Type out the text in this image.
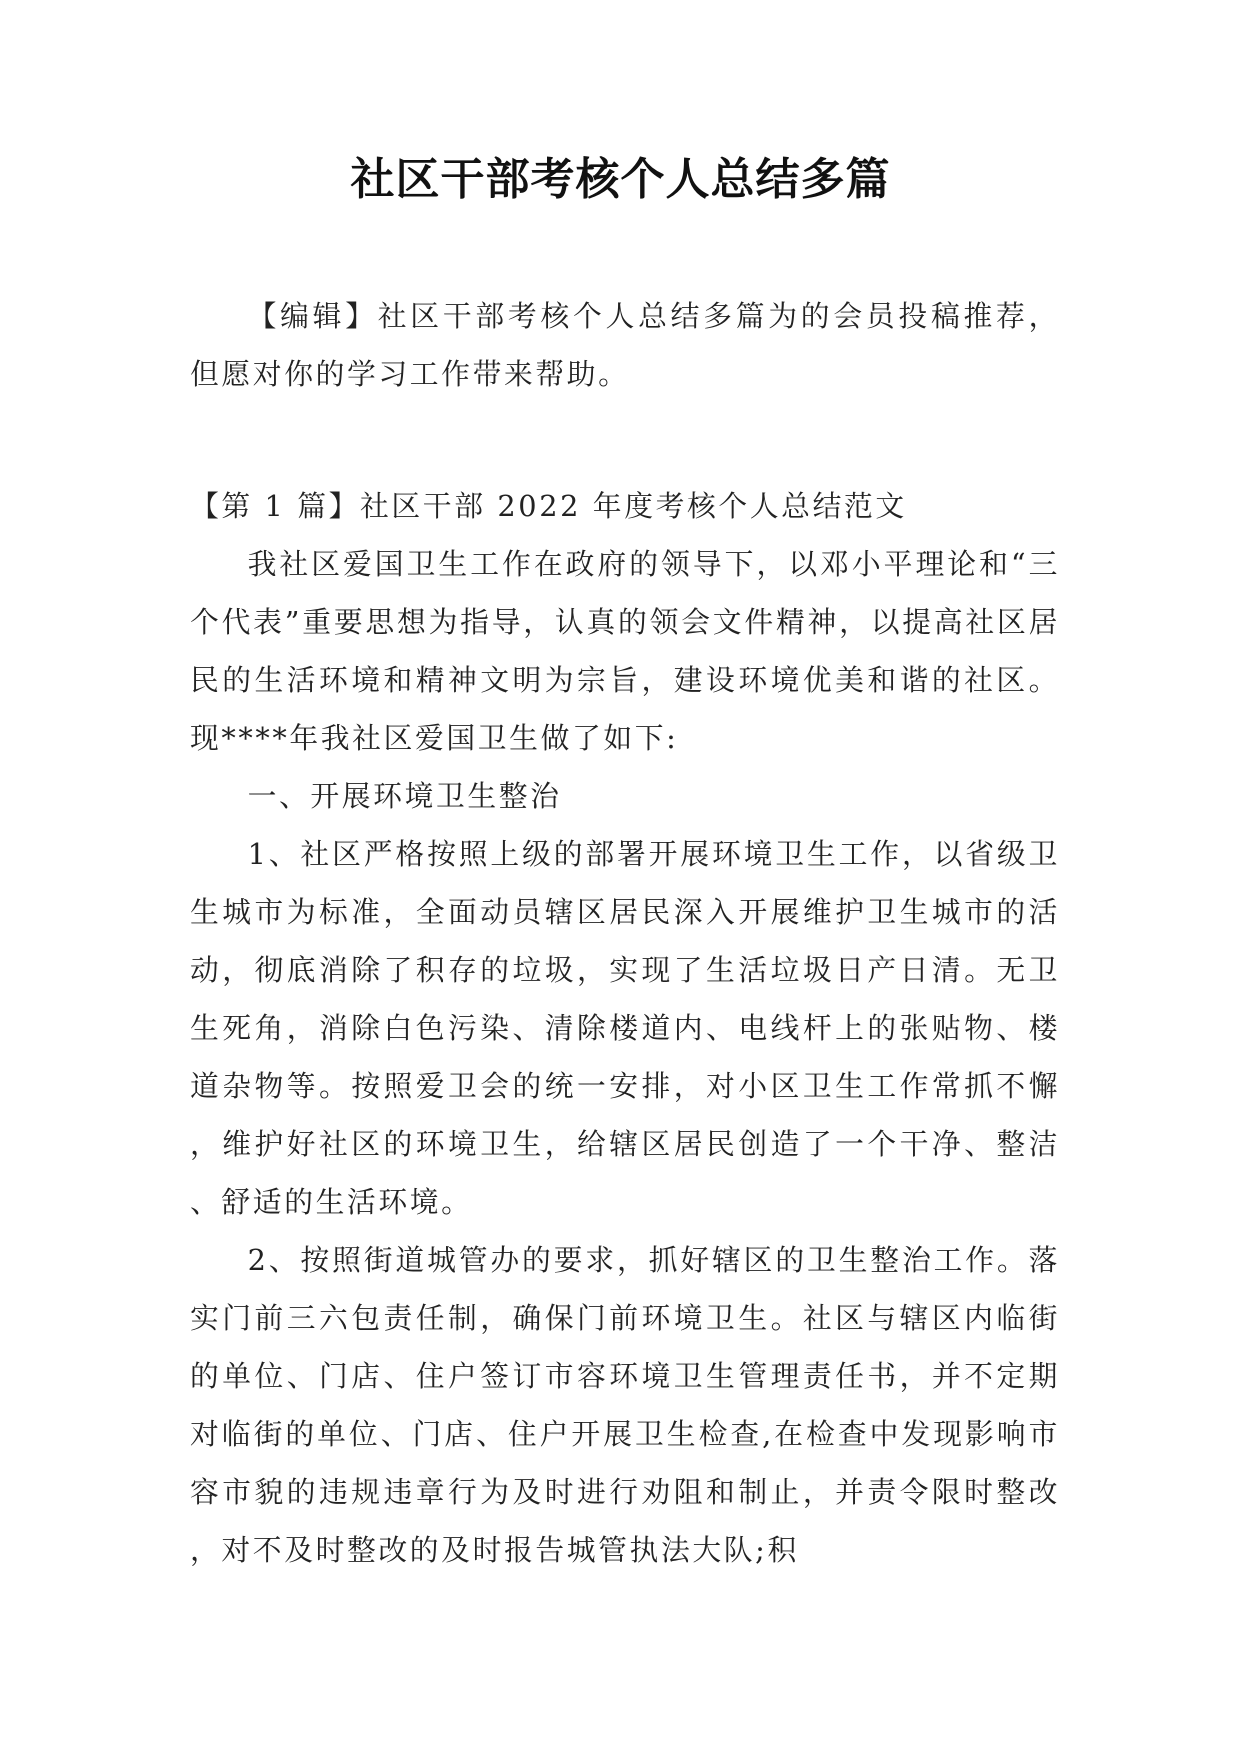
社区干部考核个人总结多篇

【编辑】社区干部考核个人总结多篇为的会员投稿推荐，但愿对你的学习工作带来帮助。

【第 1 篇】社区干部 2022 年度考核个人总结范文

我社区爱国卫生工作在政府的领导下，以邓小平理论和“三个代表”重要思想为指导，认真的领会文件精神，以提高社区居民的生活环境和精神文明为宗旨，建设环境优美和谐的社区。现****年我社区爱国卫生做了如下:

一、开展环境卫生整治

1、社区严格按照上级的部署开展环境卫生工作，以省级卫生城市为标准，全面动员辖区居民深入开展维护卫生城市的活动，彻底消除了积存的垃圾，实现了生活垃圾日产日清。无卫生死角，消除白色污染、清除楼道内、电线杆上的张贴物、楼道杂物等。按照爱卫会的统一安排，对小区卫生工作常抓不懈，维护好社区的环境卫生，给辖区居民创造了一个干净、整洁、舒适的生活环境。

2、按照街道城管办的要求，抓好辖区的卫生整治工作。落实门前三六包责任制，确保门前环境卫生。社区与辖区内临街的单位、门店、住户签订市容环境卫生管理责任书，并不定期对临街的单位、门店、住户开展卫生检查,在检查中发现影响市容市貌的违规违章行为及时进行劝阻和制止，并责令限时整改，对不及时整改的及时报告城管执法大队;积
